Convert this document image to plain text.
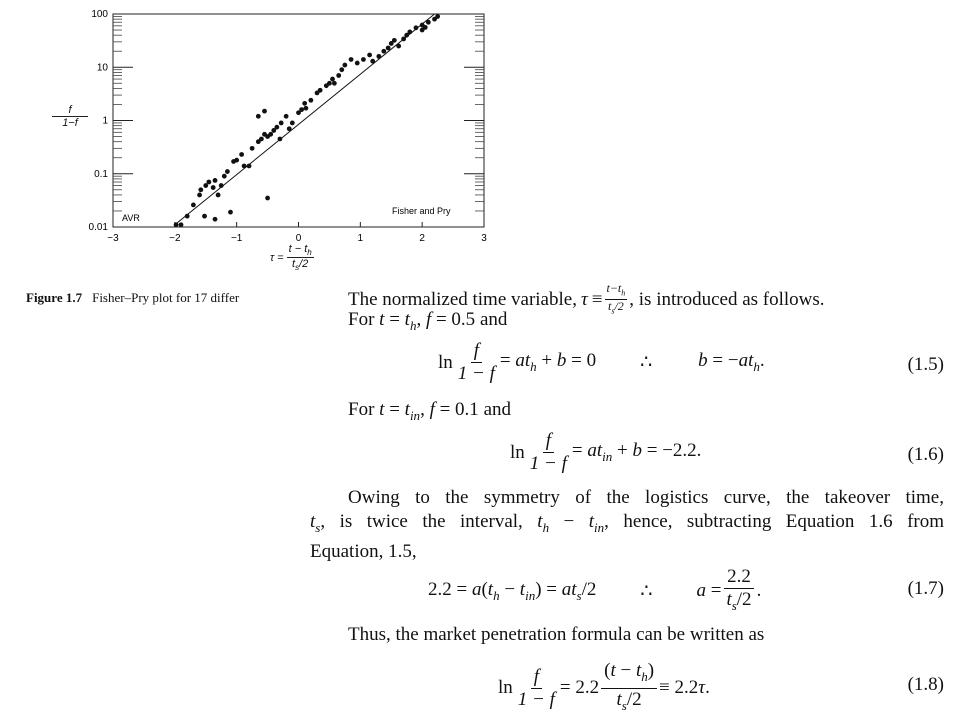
−3	−2	−1	0	1	2	3
100
10
1
0.1
0.01
AVR
Fisher and Pry
f
1−f
$\tau = \frac{t - t_h}{t_s/2}$
Figure 1.7 Fisher–Pry plot for 17 differ	The normalized time variable, $\tau \equiv \frac{t-t_h}{t_s/2}$ , is introduced as follows.
For $t = t_h$, f = 0.5 and
$\ln \frac{f}{1 - f} = at_h + b = 0$ ∴ $b = -at_h$.	(1.5)
For $t = t_{in}$, f = 0.1 and
$\ln \frac{f}{1 - f} = at_{in} + b = -2.2$.	(1.6)
Owing to the symmetry of the logistics curve, the takeover time,
$t_s$, is twice the interval, $t_h - t_{in}$, hence, subtracting Equation 1.6 from
Equation, 1.5,
$2.2 = a(t_h - t_{in}) = at_s/2$ ∴ $a = \frac{2.2}{t_s/2}$ .	(1.7)
Thus, the market penetration formula can be written as
$\ln \frac{f}{1 - f} = 2.2 \frac{(t - t_h)}{t_s/2} \equiv 2.2\tau$.	(1.8)
